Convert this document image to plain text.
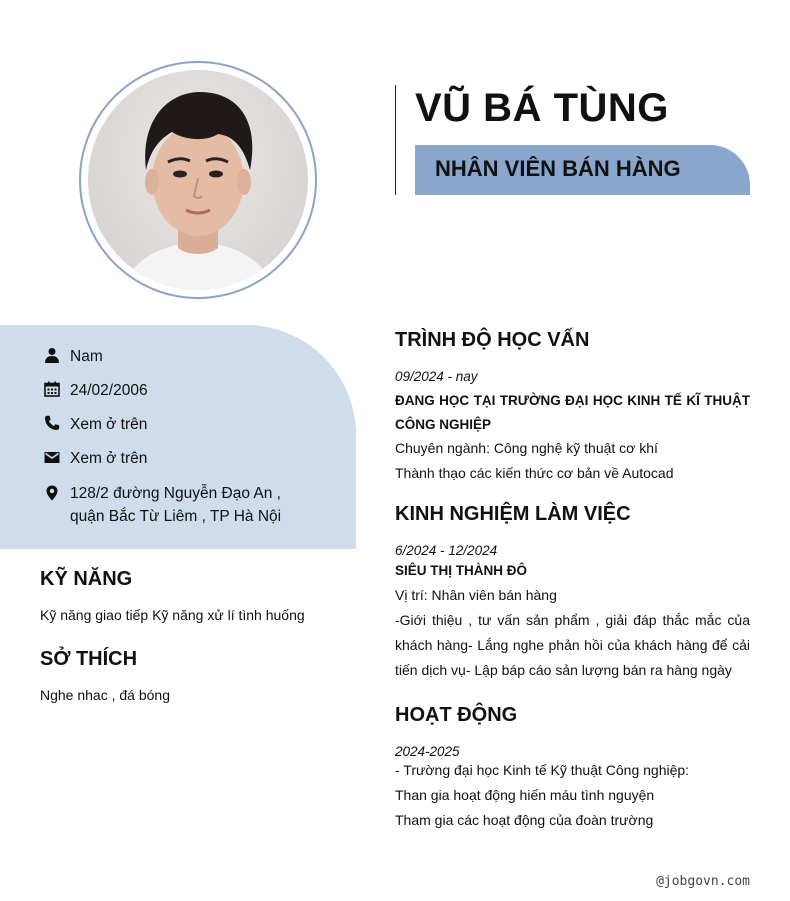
VŨ BÁ TÙNG
NHÂN VIÊN BÁN HÀNG
Nam
24/02/2006
Xem ở trên
Xem ở trên
128/2 đường Nguyễn Đạo An ,
quận Bắc Từ Liêm , TP Hà Nội
KỸ NĂNG
Kỹ năng giao tiếp Kỹ năng xử lí tình huống
SỞ THÍCH
Nghe nhac , đá bóng
TRÌNH ĐỘ HỌC VẤN
09/2024 - nay
ĐANG HỌC TẠI TRƯỜNG ĐẠI HỌC KINH TẾ KĨ THUẬT CÔNG NGHIỆP
Chuyên ngành: Công nghệ kỹ thuật cơ khí
Thành thạo các kiến thức cơ bản về Autocad
KINH NGHIỆM LÀM VIỆC
6/2024 - 12/2024
SIÊU THỊ THÀNH ĐÔ
Vị trí: Nhân viên bán hàng
-Giới thiệu , tư vấn sản phẩm , giải đáp thắc mắc của khách hàng- Lắng nghe phản hồi của khách hàng để cải tiến dịch vụ- Lập báp cáo sản lượng bán ra hàng ngày
HOẠT ĐỘNG
2024-2025
- Trường đại học Kinh tế Kỹ thuật Công nghiệp:
Than gia hoạt động hiến máu tình nguyện
Tham gia các hoạt động của đoàn trường
@jobgovn.com
